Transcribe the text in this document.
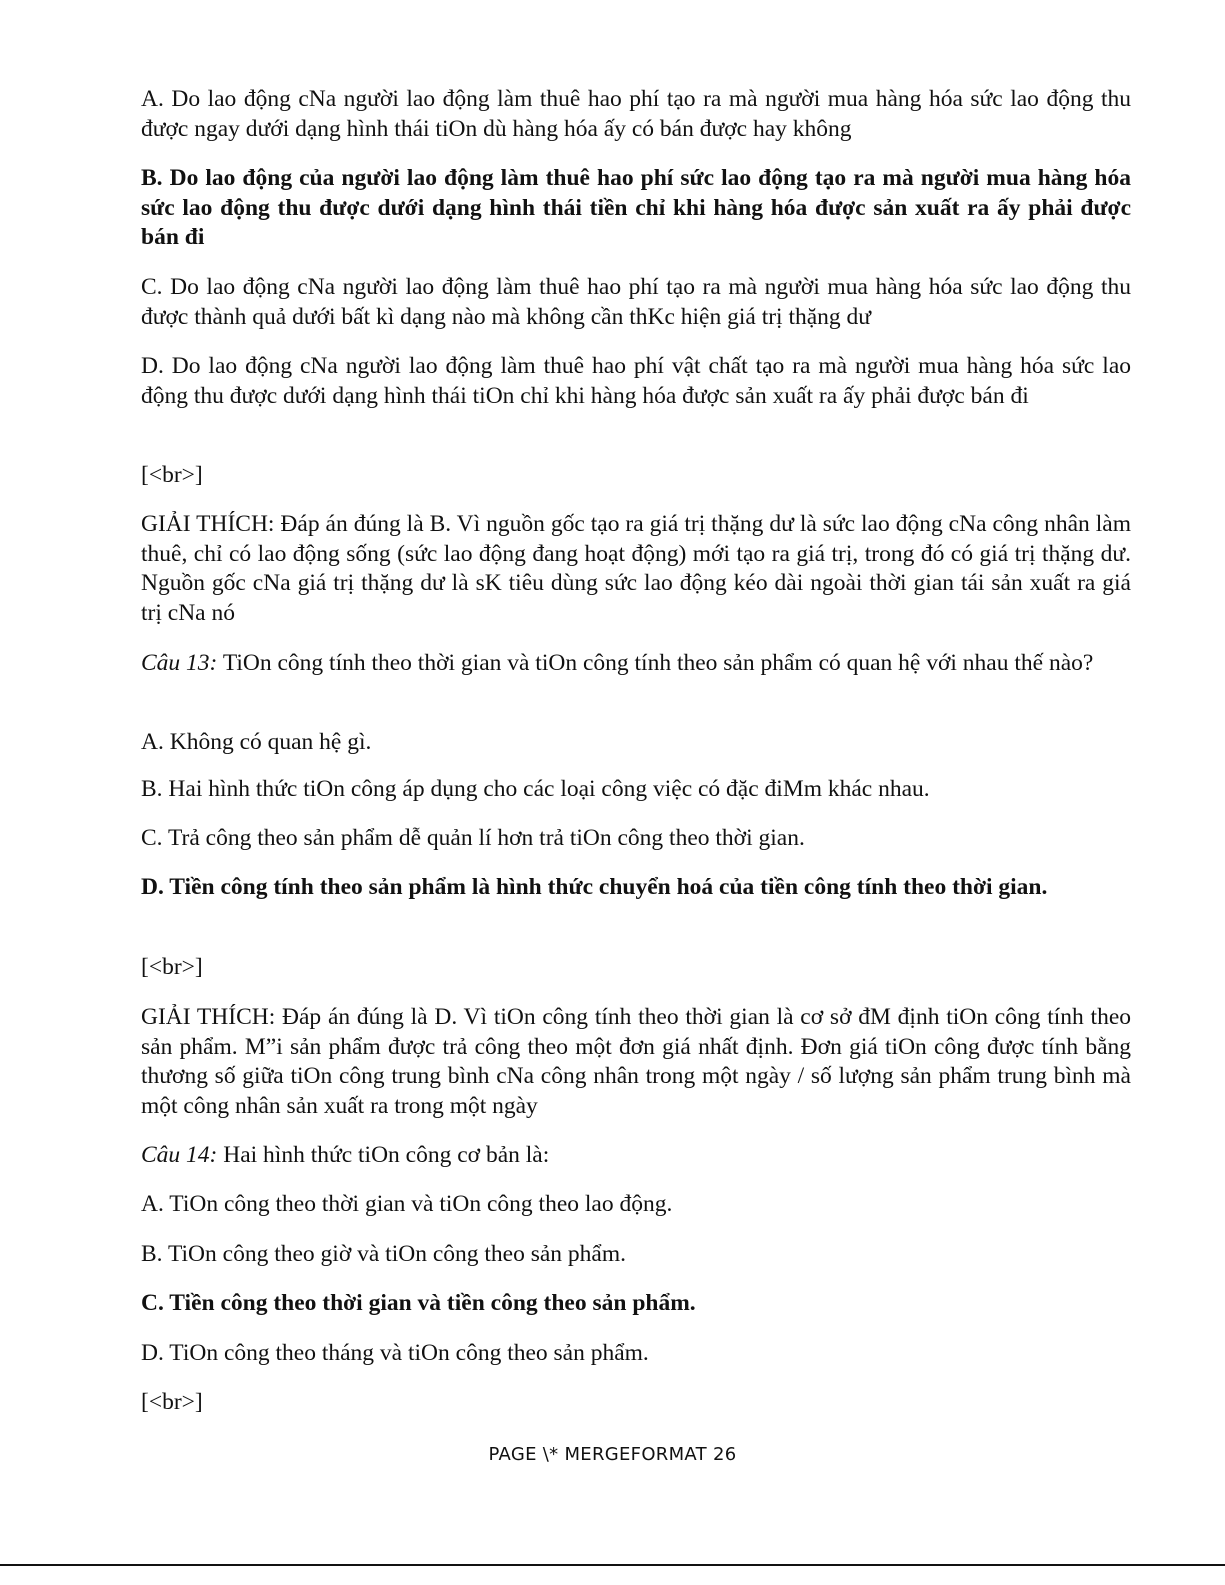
A. Do lao động cNa người lao động làm thuê hao phí tạo ra mà người mua hàng hóa sức lao động thu được ngay dưới dạng hình thái tiOn dù hàng hóa ấy có bán được hay không

B. Do lao động của người lao động làm thuê hao phí sức lao động tạo ra mà người mua hàng hóa sức lao động thu được dưới dạng hình thái tiền chỉ khi hàng hóa được sản xuất ra ấy phải được bán đi

C. Do lao động cNa người lao động làm thuê hao phí tạo ra mà người mua hàng hóa sức lao động thu được thành quả dưới bất kì dạng nào mà không cần thKc hiện giá trị thặng dư

D. Do lao động cNa người lao động làm thuê hao phí vật chất tạo ra mà người mua hàng hóa sức lao động thu được dưới dạng hình thái tiOn chỉ khi hàng hóa được sản xuất ra ấy phải được bán đi

[<br>]

GIẢI THÍCH: Đáp án đúng là B. Vì nguồn gốc tạo ra giá trị thặng dư là sức lao động cNa công nhân làm thuê, chỉ có lao động sống (sức lao động đang hoạt động) mới tạo ra giá trị, trong đó có giá trị thặng dư. Nguồn gốc cNa giá trị thặng dư là sK tiêu dùng sức lao động kéo dài ngoài thời gian tái sản xuất ra giá trị cNa nó

Câu 13: TiOn công tính theo thời gian và tiOn công tính theo sản phẩm có quan hệ với nhau thế nào?

A. Không có quan hệ gì.

B. Hai hình thức tiOn công áp dụng cho các loại công việc có đặc điMm khác nhau.

C. Trả công theo sản phẩm dễ quản lí hơn trả tiOn công theo thời gian.

D. Tiền công tính theo sản phẩm là hình thức chuyển hoá của tiền công tính theo thời gian.

[<br>]

GIẢI THÍCH: Đáp án đúng là D. Vì tiOn công tính theo thời gian là cơ sở đM định tiOn công tính theo sản phẩm. M”i sản phẩm được trả công theo một đơn giá nhất định. Đơn giá tiOn công được tính bằng thương số giữa tiOn công trung bình cNa công nhân trong một ngày / số lượng sản phẩm trung bình mà một công nhân sản xuất ra trong một ngày

Câu 14: Hai hình thức tiOn công cơ bản là:

A. TiOn công theo thời gian và tiOn công theo lao động.

B. TiOn công theo giờ và tiOn công theo sản phẩm.

C. Tiền công theo thời gian và tiền công theo sản phẩm.

D. TiOn công theo tháng và tiOn công theo sản phẩm.

[<br>]

PAGE \* MERGEFORMAT 26
